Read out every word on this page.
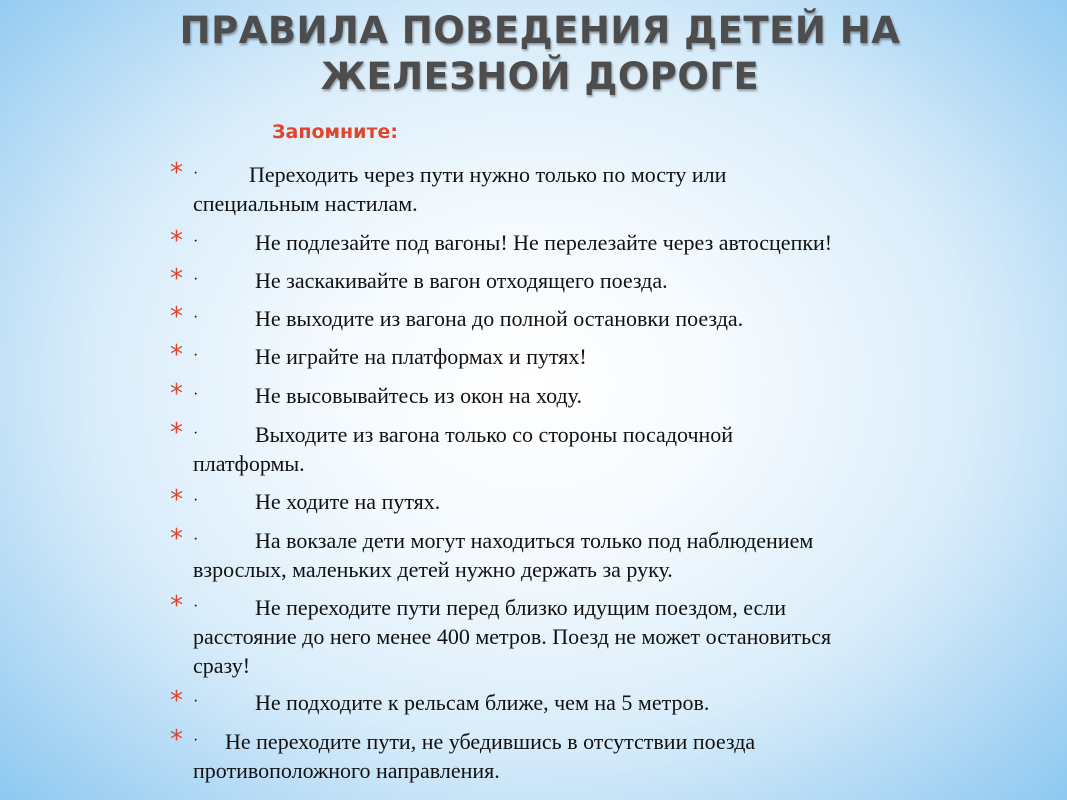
ПРАВИЛА ПОВЕДЕНИЯ ДЕТЕЙ НА ЖЕЛЕЗНОЙ ДОРОГЕ
Запомните:
* ·	Переходить через пути нужно только по мосту или специальным настилам.
* ·	Не подлезайте под вагоны! Не перелезайте через автосцепки!
* ·	Не заскакивайте в вагон отходящего поезда.
* ·	Не выходите из вагона до полной остановки поезда.
* ·	Не играйте на платформах и путях!
* ·	Не высовывайтесь из окон на ходу.
* ·	Выходите из вагона только со стороны посадочной платформы.
* ·	Не ходите на путях.
* ·	На вокзале дети могут находиться только под наблюдением взрослых, маленьких детей нужно держать за руку.
* ·	Не переходите пути перед близко идущим поездом, если расстояние до него менее 400 метров. Поезд не может остановиться сразу!
* ·	Не подходите к рельсам ближе, чем на 5 метров.
* ·	Не переходите пути, не убедившись в отсутствии поезда противоположного направления.
